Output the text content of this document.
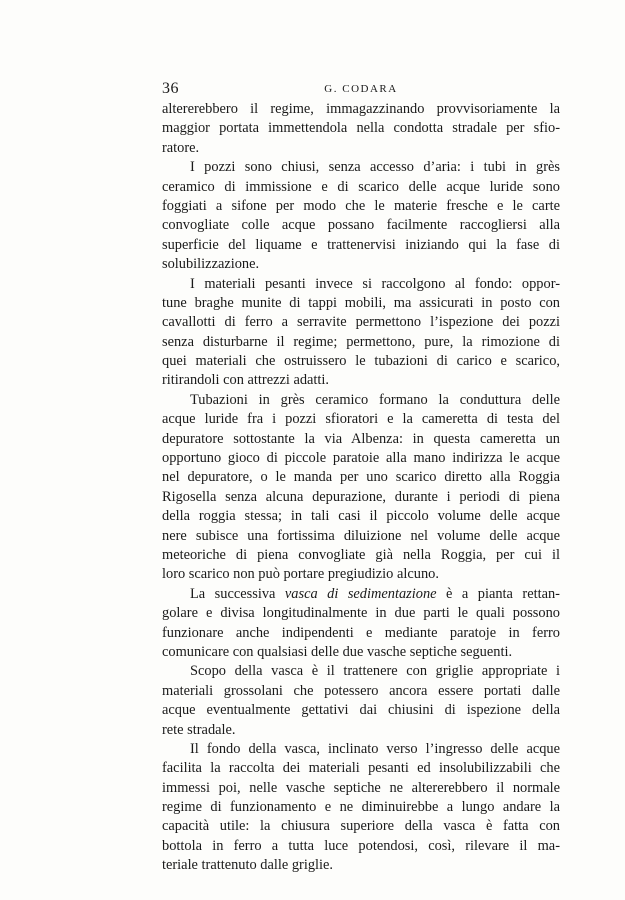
36	G. CODARA
altererebbero il regime, immagazzinando provvisoriamente la
maggior portata immettendola nella condotta stradale per sfio-
ratore.
I pozzi sono chiusi, senza accesso d’aria: i tubi in grès
ceramico di immissione e di scarico delle acque luride sono
foggiati a sifone per modo che le materie fresche e le carte
convogliate colle acque possano facilmente raccogliersi alla
superficie del liquame e trattenervisi iniziando qui la fase di
solubilizzazione.
I materiali pesanti invece si raccolgono al fondo: oppor-
tune braghe munite di tappi mobili, ma assicurati in posto con
cavallotti di ferro a serravite permettono l’ispezione dei pozzi
senza disturbarne il regime; permettono, pure, la rimozione di
quei materiali che ostruissero le tubazioni di carico e scarico,
ritirandoli con attrezzi adatti.
Tubazioni in grès ceramico formano la conduttura delle
acque luride fra i pozzi sfioratori e la cameretta di testa del
depuratore sottostante la via Albenza: in questa cameretta un
opportuno gioco di piccole paratoie alla mano indirizza le acque
nel depuratore, o le manda per uno scarico diretto alla Roggia
Rigosella senza alcuna depurazione, durante i periodi di piena
della roggia stessa; in tali casi il piccolo volume delle acque
nere subisce una fortissima diluizione nel volume delle acque
meteoriche di piena convogliate già nella Roggia, per cui il
loro scarico non può portare pregiudizio alcuno.
La successiva vasca di sedimentazione è a pianta rettan-
golare e divisa longitudinalmente in due parti le quali possono
funzionare anche indipendenti e mediante paratoje in ferro
comunicare con qualsiasi delle due vasche septiche seguenti.
Scopo della vasca è il trattenere con griglie appropriate i
materiali grossolani che potessero ancora essere portati dalle
acque eventualmente gettativi dai chiusini di ispezione della
rete stradale.
Il fondo della vasca, inclinato verso l’ingresso delle acque
facilita la raccolta dei materiali pesanti ed insolubilizzabili che
immessi poi, nelle vasche septiche ne altererebbero il normale
regime di funzionamento e ne diminuirebbe a lungo andare la
capacità utile: la chiusura superiore della vasca è fatta con
bottola in ferro a tutta luce potendosi, così, rilevare il ma-
teriale trattenuto dalle griglie.
